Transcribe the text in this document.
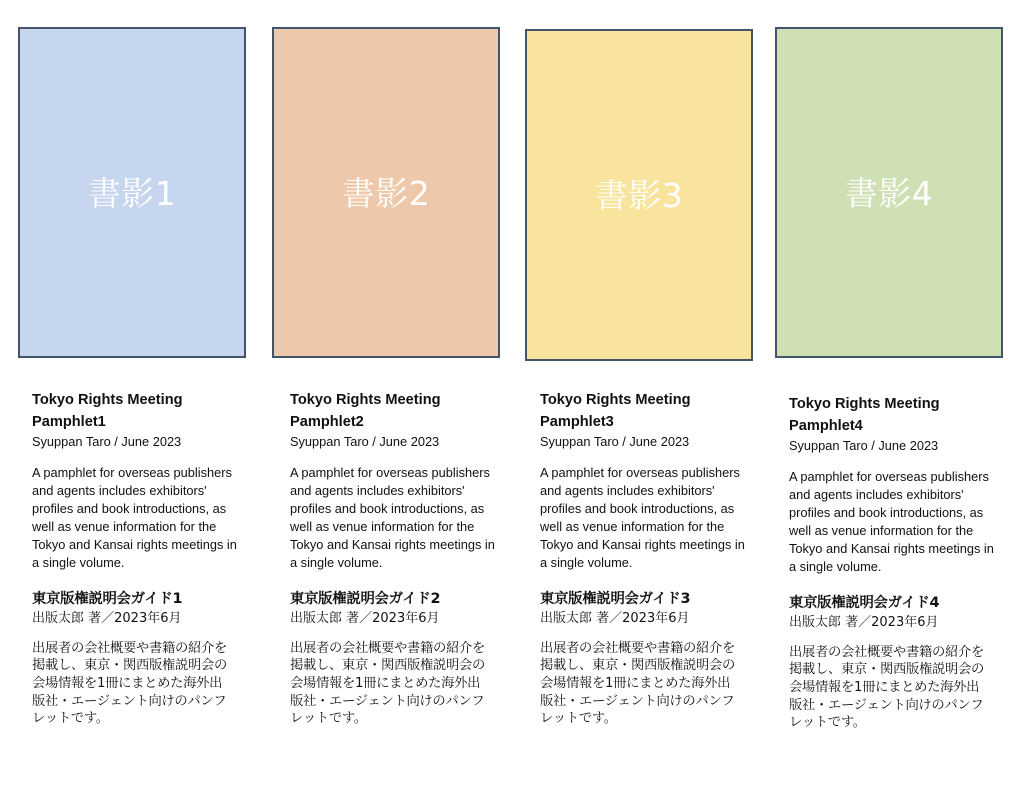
書影1

Tokyo Rights Meeting Pamphlet1

Syuppan Taro / June 2023

A pamphlet for overseas publishers and agents includes exhibitors' profiles and book introductions, as well as venue information for the Tokyo and Kansai rights meetings in a single volume.

東京版権説明会ガイド1

出版太郎 著／2023年6月

出展者の会社概要や書籍の紹介を掲載し、東京・関西版権説明会の会場情報を1冊にまとめた海外出版社・エージェント向けのパンフレットです。

書影2

Tokyo Rights Meeting Pamphlet2

Syuppan Taro / June 2023

A pamphlet for overseas publishers and agents includes exhibitors' profiles and book introductions, as well as venue information for the Tokyo and Kansai rights meetings in a single volume.

東京版権説明会ガイド2

出版太郎 著／2023年6月

出展者の会社概要や書籍の紹介を掲載し、東京・関西版権説明会の会場情報を1冊にまとめた海外出版社・エージェント向けのパンフレットです。

書影3

Tokyo Rights Meeting Pamphlet3

Syuppan Taro / June 2023

A pamphlet for overseas publishers and agents includes exhibitors' profiles and book introductions, as well as venue information for the Tokyo and Kansai rights meetings in a single volume.

東京版権説明会ガイド3

出版太郎 著／2023年6月

出展者の会社概要や書籍の紹介を掲載し、東京・関西版権説明会の会場情報を1冊にまとめた海外出版社・エージェント向けのパンフレットです。

書影4

Tokyo Rights Meeting Pamphlet4

Syuppan Taro / June 2023

A pamphlet for overseas publishers and agents includes exhibitors' profiles and book introductions, as well as venue information for the Tokyo and Kansai rights meetings in a single volume.

東京版権説明会ガイド4

出版太郎 著／2023年6月

出展者の会社概要や書籍の紹介を掲載し、東京・関西版権説明会の会場情報を1冊にまとめた海外出版社・エージェント向けのパンフレットです。
